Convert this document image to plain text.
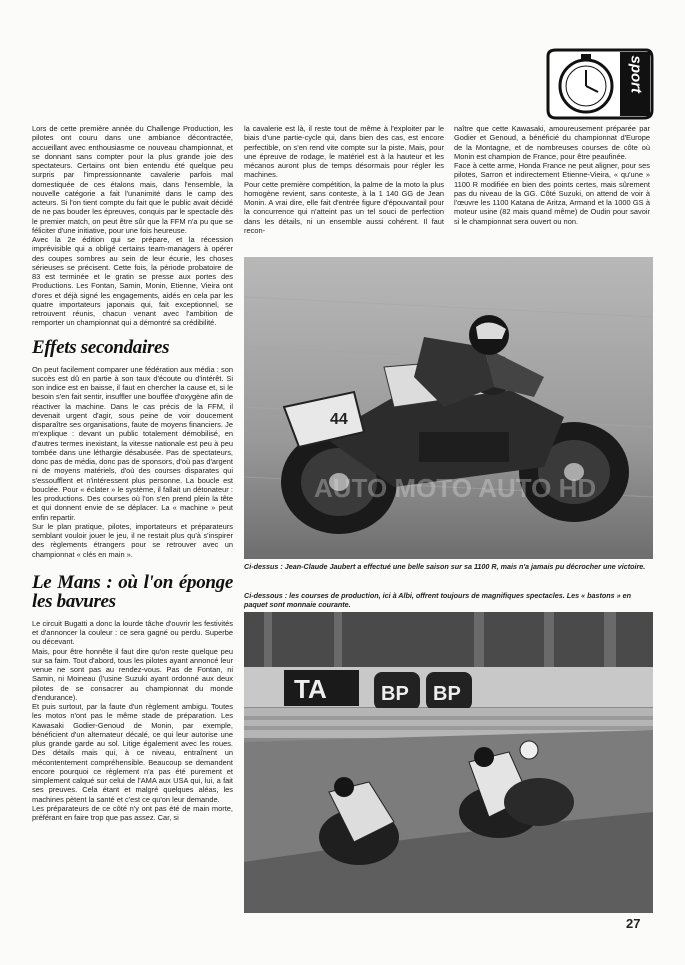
sport

Lors de cette première année du Challenge Production, les pilotes ont couru dans une ambiance décontractée, accueillant avec enthousiasme ce nouveau championnat, et se donnant sans compter pour la plus grande joie des spectateurs. Certains ont bien entendu été quelque peu surpris par l'impressionnante cavalerie parfois mal domestiquée de ces étalons mais, dans l'ensemble, la nouvelle catégorie a fait l'unanimité dans le camp des acteurs. Si l'on tient compte du fait que le public avait décidé de ne pas bouder les épreuves, conquis par le spectacle dès le premier match, on peut être sûr que la FFM n'a pu que se féliciter d'une initiative, pour une fois heureuse.

Avec la 2e édition qui se prépare, et la récession imprévisible qui a obligé certains team-managers à opérer des coupes sombres au sein de leur écurie, les choses sérieuses se précisent. Cette fois, la période probatoire de 83 est terminée et le gratin se presse aux portes des Productions. Les Fontan, Samin, Monin, Etienne, Vieira ont d'ores et déjà signé les engagements, aidés en cela par les quatre importateurs japonais qui, fait exceptionnel, se retrouvent réunis, chacun venant avec l'ambition de remporter un championnat qui a démontré sa crédibilité.

Effets secondaires

On peut facilement comparer une fédération aux média : son succès est dû en partie à son taux d'écoute ou d'intérêt. Si son indice est en baisse, il faut en chercher la cause et, si le besoin s'en fait sentir, insuffler une bouffée d'oxygène afin de réactiver la machine. Dans le cas précis de la FFM, il devenait urgent d'agir, sous peine de voir doucement disparaître ses organisations, faute de moyens financiers. Je m'explique : devant un public totalement démobilisé, en d'autres termes inexistant, la vitesse nationale est peu à peu tombée dans une léthargie désabusée. Pas de spectateurs, donc pas de média, donc pas de sponsors, d'où pas d'argent ni de moyens matériels, d'où des courses disparates qui s'essoufflent et n'intéressent plus personne. La boucle est bouclée. Pour « éclater » le système, il fallait un détonateur : les productions. Des courses où l'on s'en prend plein la tête et qui donnent envie de se déplacer. La « machine » peut enfin repartir.

Sur le plan pratique, pilotes, importateurs et préparateurs semblant vouloir jouer le jeu, il ne restait plus qu'à s'inspirer des règlements étrangers pour se retrouver avec un championnat « clés en main ».

Le Mans : où l'on éponge les bavures

Le circuit Bugatti a donc la lourde tâche d'ouvrir les festivités et d'annoncer la couleur : ce sera gagné ou perdu. Superbe ou décevant.

Mais, pour être honnête il faut dire qu'on reste quelque peu sur sa faim. Tout d'abord, tous les pilotes ayant annoncé leur venue ne sont pas au rendez-vous. Pas de Fontan, ni Samin, ni Moineau (l'usine Suzuki ayant ordonné aux deux pilotes de se consacrer au championnat du monde d'endurance).

Et puis surtout, par la faute d'un règlement ambigu. Toutes les motos n'ont pas le même stade de préparation. Les Kawasaki Godier-Genoud de Monin, par exemple, bénéficient d'un alternateur décalé, ce qui leur autorise une plus grande garde au sol. Litige également avec les roues. Des détails mais qui, à ce niveau, entraînent un mécontentement compréhensible. Beaucoup se demandent encore pourquoi ce règlement n'a pas été purement et simplement calqué sur celui de l'AMA aux USA qui, lui, a fait ses preuves. Cela étant et malgré quelques aléas, les machines pètent la santé et c'est ce qu'on leur demande.

Les préparateurs de ce côté n'y ont pas été de main morte, préférant en faire trop que pas assez. Car, si

la cavalerie est là, il reste tout de même à l'exploiter par le biais d'une partie-cycle qui, dans bien des cas, est encore perfectible, on s'en rend vite compte sur la piste. Mais, pour une épreuve de rodage, le matériel est à la hauteur et les mécanos auront plus de temps désormais pour régler les machines.

Pour cette première compétition, la palme de la moto la plus homogène revient, sans conteste, à la 1 140 GG de Jean Monin. A vrai dire, elle fait d'entrée figure d'épouvantail pour la concurrence qui n'atteint pas un tel souci de perfection dans les détails, ni un ensemble aussi cohérent. Il faut recon-

naître que cette Kawasaki, amoureusement préparée par Godier et Genoud, a bénéficié du championnat d'Europe de la Montagne, et de nombreuses courses de côte où Monin est champion de France, pour être peaufinée.

Face à cette arme, Honda France ne peut aligner, pour ses pilotes, Sarron et indirectement Etienne-Vieira, « qu'une » 1100 R modifiée en bien des points certes, mais sûrement pas du niveau de la GG. Côté Suzuki, on attend de voir à l'œuvre les 1100 Katana de Aritza, Armand et la 1000 GS à moteur usine (82 mais quand même) de Oudin pour savoir si le championnat sera ouvert ou non.

44
AUTO MOTO AUTO HD
Ci-dessus : Jean-Claude Jaubert a effectué une belle saison sur sa 1100 R, mais n'a jamais pu décrocher une victoire.
Ci-dessous : les courses de production, ici à Albi, offrent toujours de magnifiques spectacles. Les « bastons » en paquet sont monnaie courante.
TA	BP BP
27
